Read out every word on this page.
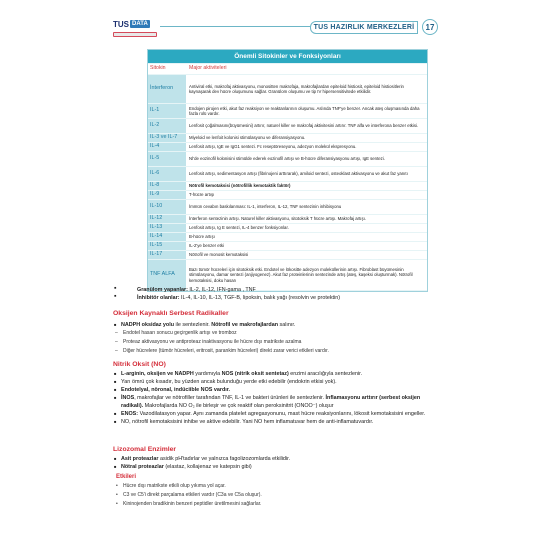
TUS DATA	TUS HAZIRLIK MERKEZLERİ	17
Önemli Sitokinler ve Fonksiyonları
Sitokin	Major aktiviteleri
İnterferon	Antiviral etki, makrofaj aktivasyonu, monositten makrofaja, makrofajlardan epiteloid histiosit, epiteloid histiositlerin kaynaşarak dev hücre oluşumunu sağlar. Granülom oluşumu ve tip IV hipersensitivitede etkilidir.
IL-1	Endojen pirojen etki, akut faz reaksiyon ve reaktanlarının oluşumu. Aslında TNF'ye benzer. Ancak ateş oluşmasında daha fazla rolü vardır.
IL-2	Lenfosit çoğalmasını(büyümesini) artırır, naturel killer ve makrofaj aktivitesini artırır. TNF alfa ve interferona benzer etkisi.
IL-3 ve IL-7	Miyeloid ve lenfoit kolonisi stimülasyonu ve diferansiyasyonu.
IL-4	Lenfosit artışı, IgE ve IgG1 sentezi. Fc reseptöreseyonu, adezyon molekül ekspresyonu.
IL-5	Nİ'de eozinofil kolonisini stimülde ederek eozinofil artışı ve B-hücre diferansiyasyonu artışı, IgE sentezi.
IL-6	Lenfosit artışı, sedimentasyon artışı (fibrinojeni arttırarak), amiloid sentezi, osteoklast aktivasyonu ve akut faz yanıtı
IL-8	Nötrofil kemotaksisi (nötrofillik kemotaktik faktör)
IL-9	T-hücre artışı
IL-10	İmmün cevabın baskılanması: IL-1, interferon, IL-12, TNF sentezinin inhibisyonu
IL-12	İnterferon sentezinin artışı. Naturel killer aktivasyonu, sitotoksik T hücre artışı. Makrofaj artışı.
IL-13	Lenfosit artışı, Ig E sentezi, IL-4 benzer fonksiyonlar.
IL-14	B-hücre artışı
IL-15	IL-2'ye benzer etki
IL-17	Nötrofil ve monosit kemotaksisi
TNF ALFA	Bazı tümör hücreleri için sitotoksik etki. Endotel ve lökositte adezyon moleküllerinin artışı. Fibroblast büyümesinin stimülasyonu, damar sentezi (anjiyogenez). Akut faz proteinlerinin sentezinde artış (ateş, kaşeksi oluşturmak). Nötrofil kemotaksisi, doku hasarı
▪ Granülom yapanlar: IL-2, IL-12, IFN-gama , TNF
▪ İnhibitör olanlar: IL-4, IL-10, IL-13, TGF-B, lipoksin, balık yağı (resolvin ve protektin)
Oksijen Kaynaklı Serbest Radikaller
■ NADPH oksidaz yolu ile sentezlenir. Nötrofil ve makrofajlardan salınır.
– Endotel hasarı sonucu geçirgenlik artışı ve tromboz
– Proteaz aktivasyonu ve antiproteaz inaktivasyonu ile hücre dışı matrikste azalma
– Diğer hücrelere (tümör hücreleri, eritrosit, parankim hücreleri) direkt zarar verici etkileri vardır.
Nitrik Oksit (NO)
■ L-arginin, oksijen ve NADPH yardımıyla NOS (nitrik oksit sentetaz) enzimi aracılığıyla sentezlenir.
■ Yarı ömrü çok kısadır, bu yüzden ancak bulunduğu yerde etki edebilir (endokrin etkisi yok).
■ Endotelyal, nöronal, indüciible NOS vardır.
■ İNOS, makrofajlar ve nötrofiller tarafından TNF, IL-1 ve bakteri ürünleri ile sentezlenir. İnflamasyonu arttırır (serbest oksijen radikali). Makrofajlarda NO O₂ ile birleşir ve çok reaktif olan peroksinitrit (ONOO⁻) oluşur
■ ENOS: Vazodilatasyon yapar. Aynı zamanda platelet agregasyonunu, mast hücre reaksiyonlarını, lökosit kemotaksisini engeller.
■ NO, nötrofil kemotaksisini inhibe ve aktive edebilir. Yani NO hem inflamatuvar hem de anti-inflamatuvardır.
Lizozomal Enzimler
■ Asit proteazlar asidik pH'tadırlar ve yalnızca fagolizozomlarda etkilidir.
■ Nötral proteazlar (elastaz, kollajenaz ve katepsin gibi)
Etkileri
• Hücre dışı matrikste etkili olup yıkıma yol açar.
• C3 ve C5'i direkt parçalama etkileri vardır (C3a ve C5a oluşur).
• Kininojenden bradikinin benzeri peptidler üretilmesini sağlarlar.
